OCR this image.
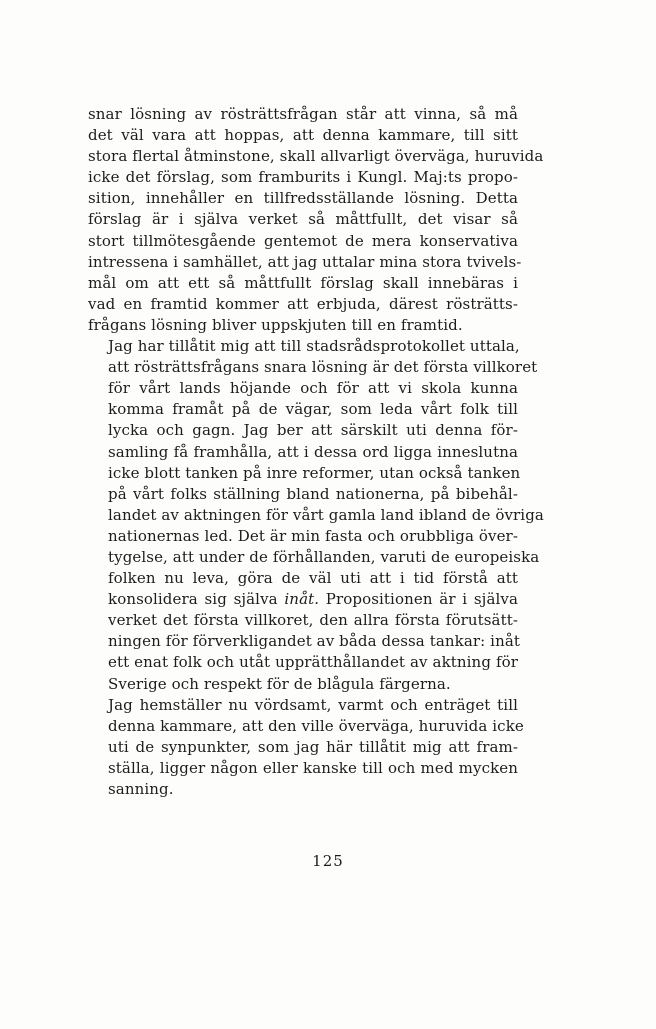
snar lösning av rösträttsfrågan står att vinna, så må
det väl vara att hoppas, att denna kammare, till sitt
stora flertal åtminstone, skall allvarligt överväga, huruvida
icke det förslag, som framburits i Kungl. Maj:ts propo-
sition, innehåller en tillfredsställande lösning. Detta
förslag är i själva verket så måttfullt, det visar så
stort tillmötesgående gentemot de mera konservativa
intressena i samhället, att jag uttalar mina stora tvivels-
mål om att ett så måttfullt förslag skall innebäras i
vad en framtid kommer att erbjuda, därest rösträtts-
frågans lösning bliver uppskjuten till en framtid.
Jag har tillåtit mig att till stadsrådsprotokollet uttala,
att rösträttsfrågans snara lösning är det första villkoret
för vårt lands höjande och för att vi skola kunna
komma framåt på de vägar, som leda vårt folk till
lycka och gagn. Jag ber att särskilt uti denna för-
samling få framhålla, att i dessa ord ligga inneslutna
icke blott tanken på inre reformer, utan också tanken
på vårt folks ställning bland nationerna, på bibehål-
landet av aktningen för vårt gamla land ibland de övriga
nationernas led. Det är min fasta och orubbliga över-
tygelse, att under de förhållanden, varuti de europeiska
folken nu leva, göra de väl uti att i tid förstå att
konsolidera sig själva inåt. Propositionen är i själva
verket det första villkoret, den allra första förutsätt-
ningen för förverkligandet av båda dessa tankar: inåt
ett enat folk och utåt upprätthållandet av aktning för
Sverige och respekt för de blågula färgerna.
Jag hemställer nu vördsamt, varmt och enträget till
denna kammare, att den ville överväga, huruvida icke
uti de synpunkter, som jag här tillåtit mig att fram-
ställa, ligger någon eller kanske till och med mycken
sanning.
125
